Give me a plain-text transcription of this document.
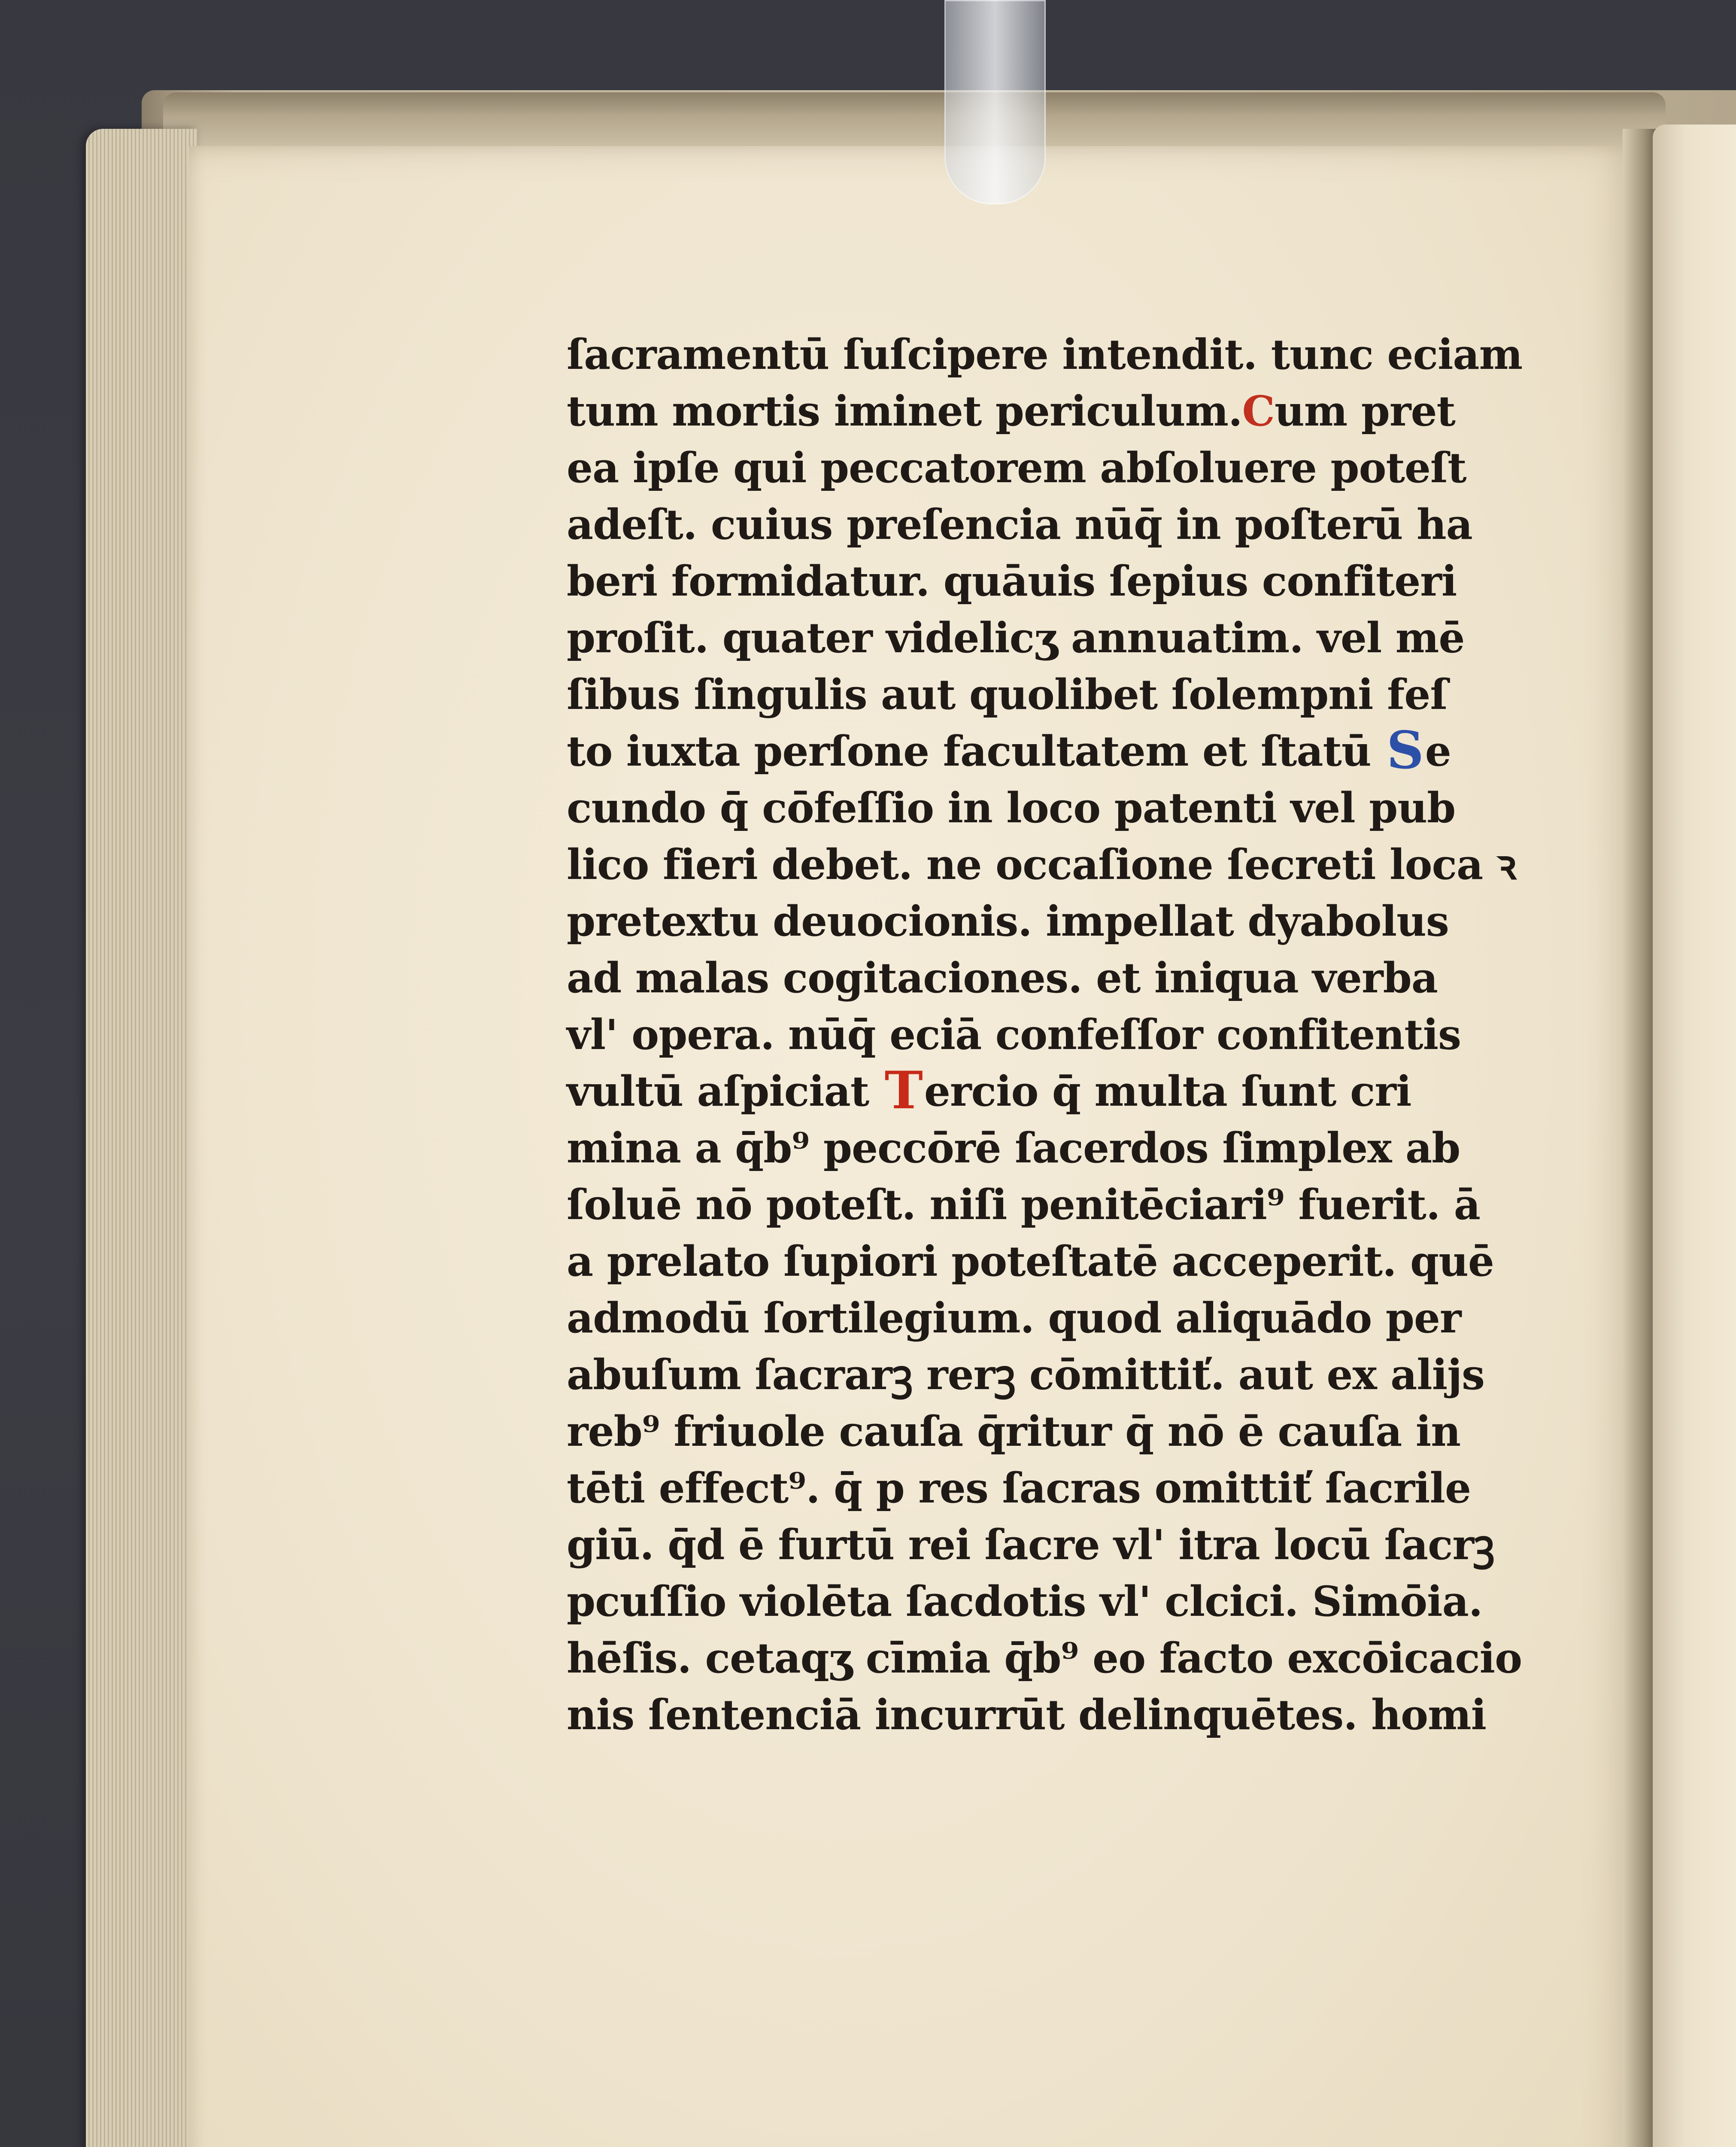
ſacramentū ſuſcipere intendit. tunc eciam
tum mortis iminet periculum.Cum pret
ea ipſe qui peccatorem abſoluere poteſt
adeſt. cuius preſencia nūq̄ in poſterū ha
beri formidatur. quāuis ſepius confiteri
proſit. quater videlicʒ annuatim. vel mē
ſibus ſingulis aut quolibet ſolempni feſ
to iuxta perſone facultatem et ſtatū Se
cundo q̄ cōfeſſio in loco patenti vel pub
lico fieri debet. ne occaſione ſecreti loca ꝛ
pretextu deuocionis. impellat dyabolus
ad malas cogitaciones. et iniqua verba
vl' opera. nūq̄ eciā confeſſor confitentis
vultū aſpiciat Tercio q̄ multa ſunt cri
mina a q̄b⁹ peccōrē ſacerdos ſimplex ab
ſoluē nō poteſt. niſi penitēciari⁹ fuerit. ā
a prelato ſupiori poteſtatē acceperit. quē
admodū ſortilegium. quod aliquādo per
abuſum ſacrarꝫ rerꝫ cōmittiť. aut ex alijs
reb⁹ friuole cauſa q̄ritur q̄ nō ē cauſa in
tēti effect⁹. q̄ p res ſacras omittiť ſacrile
giū. q̄d ē furtū rei ſacre vl' itra locū ſacrꝫ
pcuſſio violēta ſacdotis vl' clcici. Simōia.
hēſis. cetaqʒ cīmia q̄b⁹ eo facto excōicacio
nis ſentenciā incurrūt delinquētes. homi
